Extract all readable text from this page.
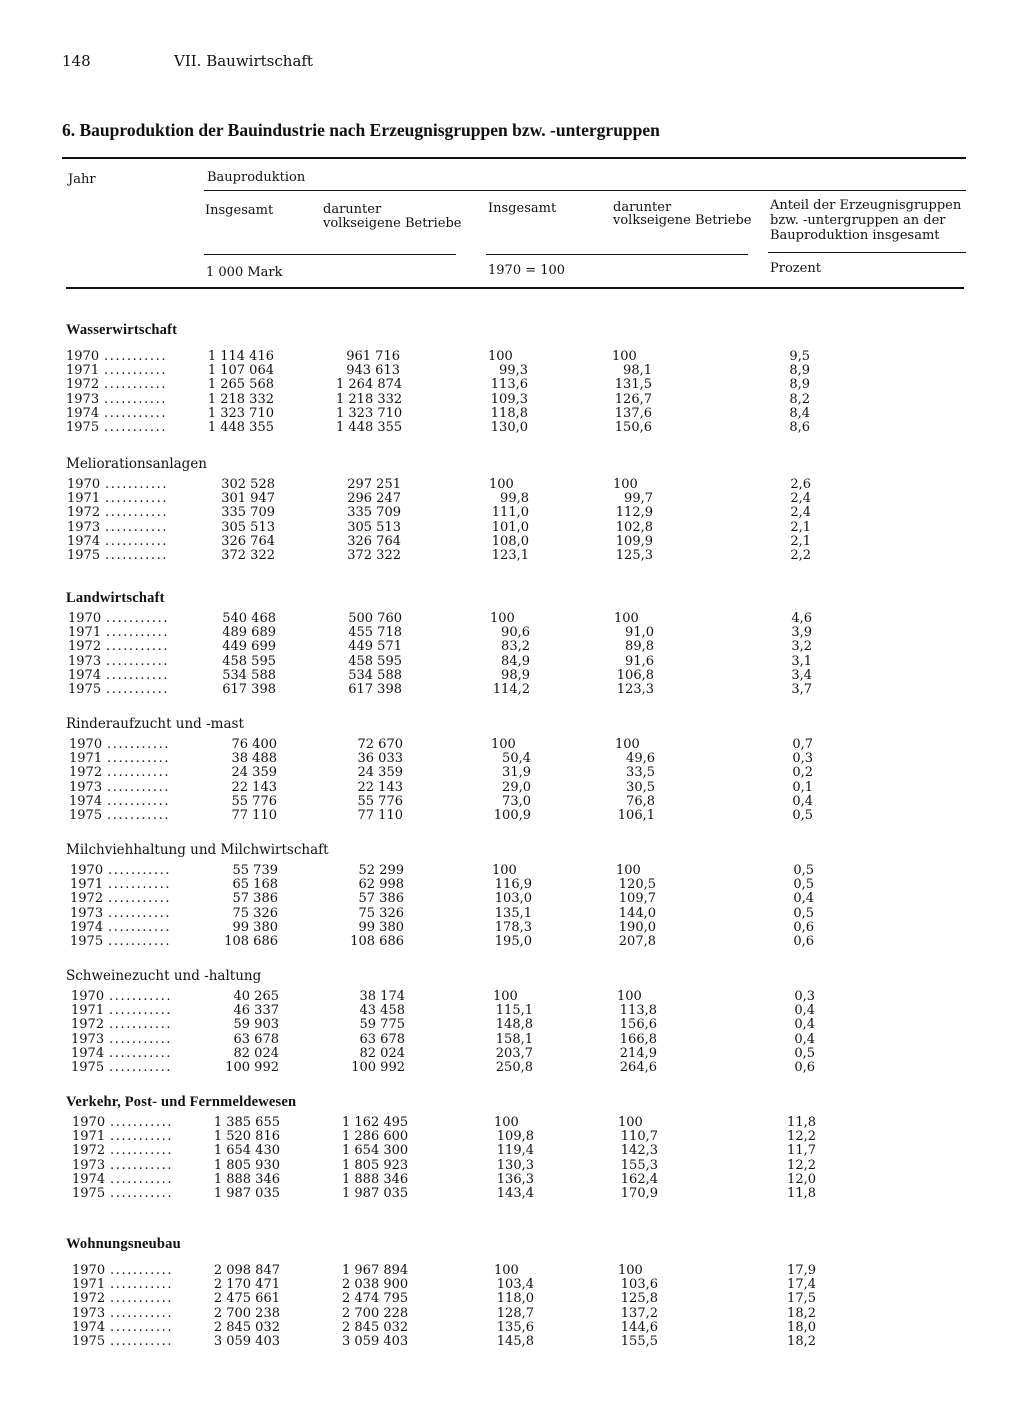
148	VII. Bauwirtschaft
6. Bauproduktion der Bauindustrie nach Erzeugnisgruppen bzw. -untergruppen
Jahr	Bauproduktion
Insgesamt	darunter
volkseigene Betriebe
Insgesamt	darunter
volkseigene Betriebe
Anteil der Erzeugnisgruppen
bzw. -untergruppen an der
Bauproduktion insgesamt
1 000 Mark	1970 = 100	Prozent
Wasserwirtschaft
1970 ...........	1 114 416	961 716	100	100	9,5
1971 ...........	1 107 064	943 613	99,3	98,1	8,9
1972 ...........	1 265 568	1 264 874	113,6	131,5	8,9
1973 ...........	1 218 332	1 218 332	109,3	126,7	8,2
1974 ...........	1 323 710	1 323 710	118,8	137,6	8,4
1975 ...........	1 448 355	1 448 355	130,0	150,6	8,6
Meliorationsanlagen
1970 ...........	302 528	297 251	100	100	2,6
1971 ...........	301 947	296 247	99,8	99,7	2,4
1972 ...........	335 709	335 709	111,0	112,9	2,4
1973 ...........	305 513	305 513	101,0	102,8	2,1
1974 ...........	326 764	326 764	108,0	109,9	2,1
1975 ...........	372 322	372 322	123,1	125,3	2,2
Landwirtschaft
1970 ...........	540 468	500 760	100	100	4,6
1971 ...........	489 689	455 718	90,6	91,0	3,9
1972 ...........	449 699	449 571	83,2	89,8	3,2
1973 ...........	458 595	458 595	84,9	91,6	3,1
1974 ...........	534 588	534 588	98,9	106,8	3,4
1975 ...........	617 398	617 398	114,2	123,3	3,7
Rinderaufzucht und -mast
1970 ...........	76 400	72 670	100	100	0,7
1971 ...........	38 488	36 033	50,4	49,6	0,3
1972 ...........	24 359	24 359	31,9	33,5	0,2
1973 ...........	22 143	22 143	29,0	30,5	0,1
1974 ...........	55 776	55 776	73,0	76,8	0,4
1975 ...........	77 110	77 110	100,9	106,1	0,5
Milchviehhaltung und Milchwirtschaft
1970 ...........	55 739	52 299	100	100	0,5
1971 ...........	65 168	62 998	116,9	120,5	0,5
1972 ...........	57 386	57 386	103,0	109,7	0,4
1973 ...........	75 326	75 326	135,1	144,0	0,5
1974 ...........	99 380	99 380	178,3	190,0	0,6
1975 ...........	108 686	108 686	195,0	207,8	0,6
Schweinezucht und -haltung
1970 ...........	40 265	38 174	100	100	0,3
1971 ...........	46 337	43 458	115,1	113,8	0,4
1972 ...........	59 903	59 775	148,8	156,6	0,4
1973 ...........	63 678	63 678	158,1	166,8	0,4
1974 ...........	82 024	82 024	203,7	214,9	0,5
1975 ...........	100 992	100 992	250,8	264,6	0,6
Verkehr, Post- und Fernmeldewesen
1970 ...........	1 385 655	1 162 495	100	100	11,8
1971 ...........	1 520 816	1 286 600	109,8	110,7	12,2
1972 ...........	1 654 430	1 654 300	119,4	142,3	11,7
1973 ...........	1 805 930	1 805 923	130,3	155,3	12,2
1974 ...........	1 888 346	1 888 346	136,3	162,4	12,0
1975 ...........	1 987 035	1 987 035	143,4	170,9	11,8
Wohnungsneubau
1970 ...........	2 098 847	1 967 894	100	100	17,9
1971 ...........	2 170 471	2 038 900	103,4	103,6	17,4
1972 ...........	2 475 661	2 474 795	118,0	125,8	17,5
1973 ...........	2 700 238	2 700 228	128,7	137,2	18,2
1974 ...........	2 845 032	2 845 032	135,6	144,6	18,0
1975 ...........	3 059 403	3 059 403	145,8	155,5	18,2
